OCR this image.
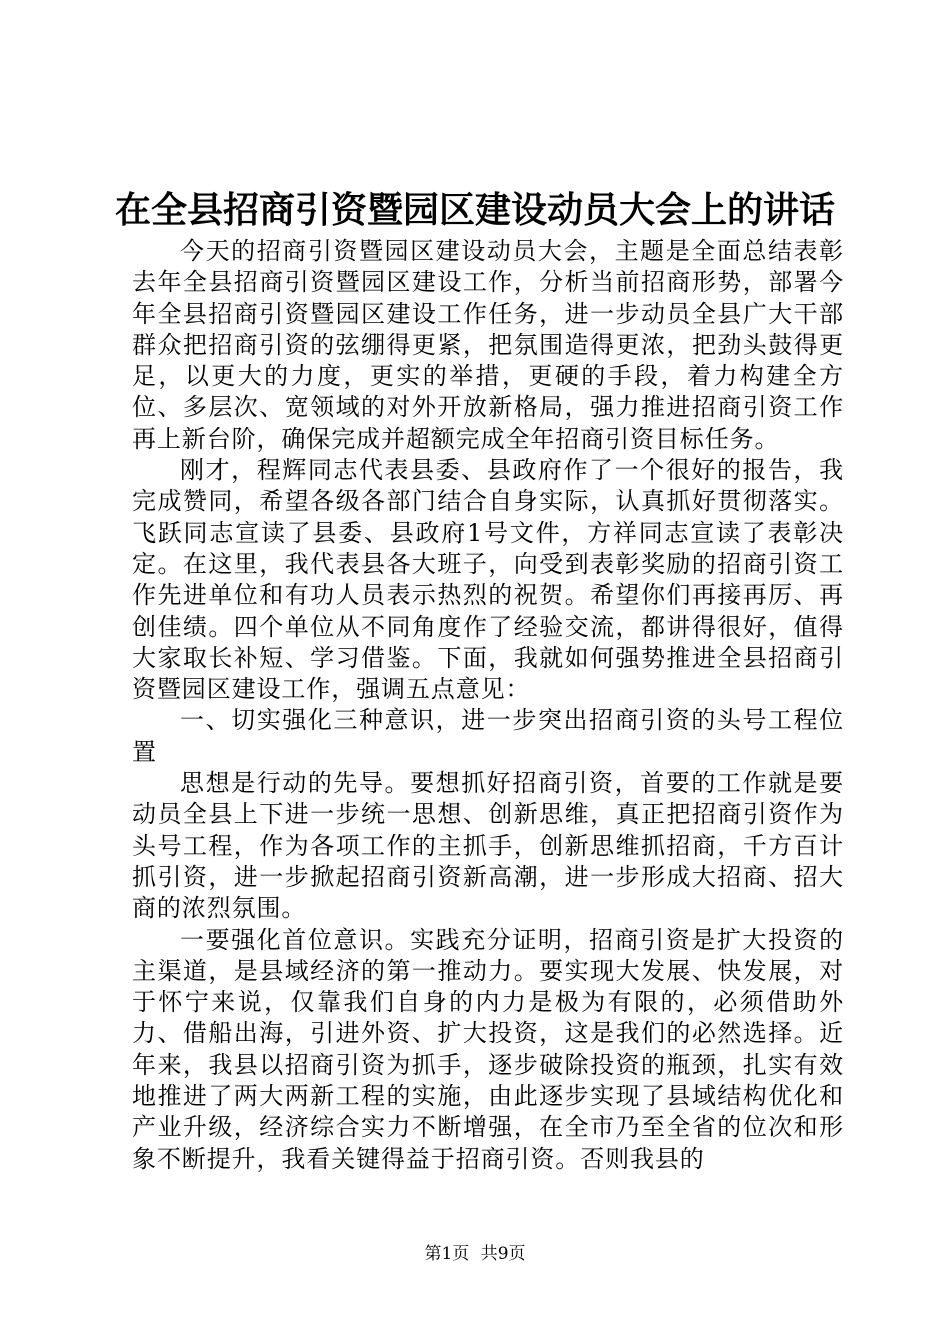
在全县招商引资暨园区建设动员大会上的讲话

今天的招商引资暨园区建设动员大会，主题是全面总结表彰去年全县招商引资暨园区建设工作，分析当前招商形势，部署今年全县招商引资暨园区建设工作任务，进一步动员全县广大干部群众把招商引资的弦绷得更紧，把氛围造得更浓，把劲头鼓得更足，以更大的力度，更实的举措，更硬的手段，着力构建全方位、多层次、宽领域的对外开放新格局，强力推进招商引资工作再上新台阶，确保完成并超额完成全年招商引资目标任务。

刚才，程辉同志代表县委、县政府作了一个很好的报告，我完成赞同，希望各级各部门结合自身实际，认真抓好贯彻落实。飞跃同志宣读了县委、县政府1号文件，方祥同志宣读了表彰决定。在这里，我代表县各大班子，向受到表彰奖励的招商引资工作先进单位和有功人员表示热烈的祝贺。希望你们再接再厉、再创佳绩。四个单位从不同角度作了经验交流，都讲得很好，值得大家取长补短、学习借鉴。下面，我就如何强势推进全县招商引资暨园区建设工作，强调五点意见：

一、切实强化三种意识，进一步突出招商引资的头号工程位置

思想是行动的先导。要想抓好招商引资，首要的工作就是要动员全县上下进一步统一思想、创新思维，真正把招商引资作为头号工程，作为各项工作的主抓手，创新思维抓招商，千方百计抓引资，进一步掀起招商引资新高潮，进一步形成大招商、招大商的浓烈氛围。

一要强化首位意识。实践充分证明，招商引资是扩大投资的主渠道，是县域经济的第一推动力。要实现大发展、快发展，对于怀宁来说，仅靠我们自身的内力是极为有限的，必须借助外力、借船出海，引进外资、扩大投资，这是我们的必然选择。近年来，我县以招商引资为抓手，逐步破除投资的瓶颈，扎实有效地推进了两大两新工程的实施，由此逐步实现了县域结构优化和产业升级，经济综合实力不断增强，在全市乃至全省的位次和形象不断提升，我看关键得益于招商引资。否则我县的

第1页 共9页
